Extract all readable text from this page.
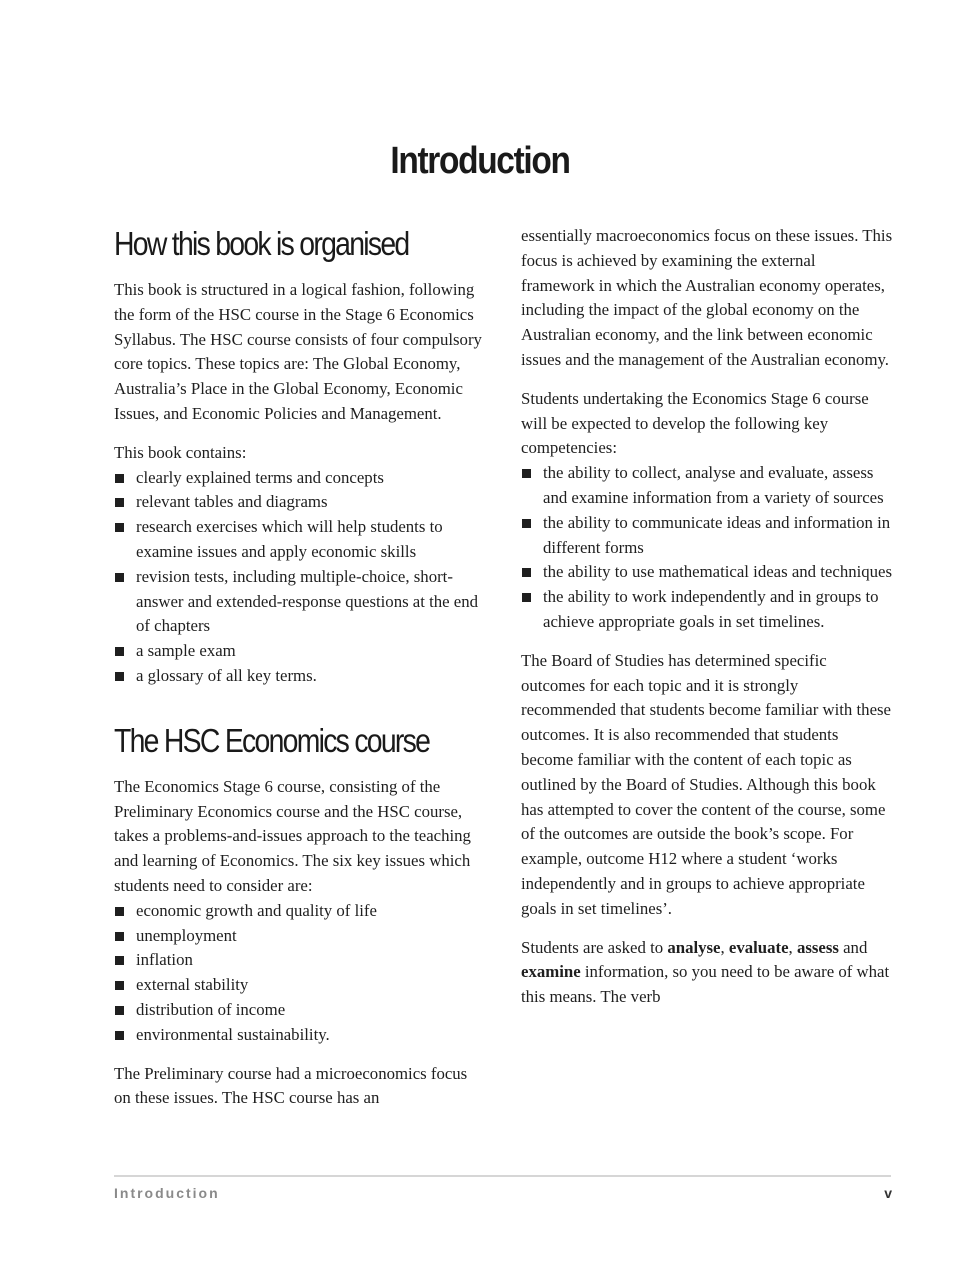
Introduction
How this book is organised

This book is structured in a logical fashion, following the form of the HSC course in the Stage 6 Economics Syllabus. The HSC course consists of four compulsory core topics. These topics are: The Global Economy, Australia’s Place in the Global Economy, Economic Issues, and Economic Policies and Management.

This book contains:

clearly explained terms and concepts
relevant tables and diagrams
research exercises which will help students to examine issues and apply economic skills
revision tests, including multiple-choice, short-answer and extended-response questions at the end of chapters
a sample exam
a glossary of all key terms.
The HSC Economics course

The Economics Stage 6 course, consisting of the Preliminary Economics course and the HSC course, takes a problems-and-issues approach to the teaching and learning of Economics. The six key issues which students need to consider are:

economic growth and quality of life
unemployment
inflation
external stability
distribution of income
environmental sustainability.

The Preliminary course had a microeconomics focus on these issues. The HSC course has an

essentially macroeconomics focus on these issues. This focus is achieved by examining the external framework in which the Australian economy operates, including the impact of the global economy on the Australian economy, and the link between economic issues and the management of the Australian economy.

Students undertaking the Economics Stage 6 course will be expected to develop the following key competencies:

the ability to collect, analyse and evaluate, assess and examine information from a variety of sources
the ability to communicate ideas and information in different forms
the ability to use mathematical ideas and techniques
the ability to work independently and in groups to achieve appropriate goals in set timelines.

The Board of Studies has determined specific outcomes for each topic and it is strongly recommended that students become familiar with these outcomes. It is also recommended that students become familiar with the content of each topic as outlined by the Board of Studies. Although this book has attempted to cover the content of the course, some of the outcomes are outside the book’s scope. For example, outcome H12 where a student ‘works independently and in groups to achieve appropriate goals in set timelines’.

Students are asked to analyse, evaluate, assess and examine information, so you need to be aware of what this means. The verb

Introduction	v
